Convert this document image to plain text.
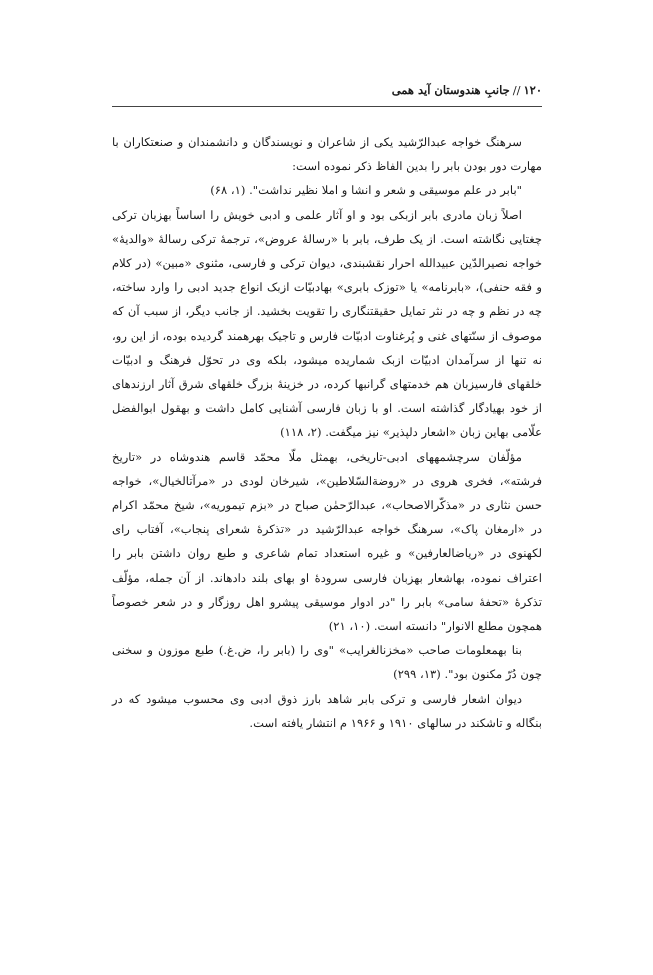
۱۲۰//جانبِ هندوستان آید همی

سرهنگ خواجه عبدالرّشید یکی از شاعران و نویسندگان و دانشمندان و صنعتکاران با مهارت دور بودن بابر را بدین الفاظ ذکر نموده است:

"بابر در علم موسیقی و شعر و انشا و املا نظیر نداشت". (۱، ۶۸)

اصلاً زبان مادری بابر ازبکی بود و او آثار علمی و ادبی خویش را اساساً بهزبان ترکی چغتایی نگاشته است. از یک طرف، بابر با «رسالۀ عروض»، ترجمۀ ترکی رسالۀ «والدیۀ» خواجه نصیرالدّین عبیدالله احرار نقشبندی، دیوان ترکی و فارسی، مثنوی «مبین» (در کلام و فقه حنفی)، «بابرنامه» یا «توزک بابری» بهادبیّات ازبک انواع جدید ادبی را وارد ساخته، چه در نظم و چه در نثر تمایل حقیقتنگاری را تقویت بخشید. از جانب دیگر، از سبب آن که موصوف از سنّتهای غنی و پُرغناوت ادبیّات فارس و تاجیک بهرهمند گردیده بوده، از این رو، نه تنها از سرآمدان ادبیّات ازبک شماریده میشود، بلکه وی در تحوّل فرهنگ و ادبیّات خلقهای فارسیزبان هم خدمتهای گرانبها کرده، در خزینۀ بزرگ خلقهای شرق آثار ارزندهای از خود بهیادگار گذاشته است. او با زبان فارسی آشنایی کامل داشت و بهقول ابوالفضل علّامی بهاین زبان «اشعار دلپذیر» نیز میگفت. (۲، ۱۱۸)

مؤلّفان سرچشمههای ادبی-تاریخی، بهمثل ملّا محمّد قاسم هندوشاه در «تاریخ فرشته»، فخری هروی در «روضةالسّلاطین»، شیرخان لودی در «مرآتالخیال»، خواجه حسن نثاری در «مذکّرالاصحاب»، عبدالرّحمٰن صباح در «بزم تیموریه»، شیخ محمّد اکرام در «ارمغان پاک»، سرهنگ خواجه عبدالرّشید در «تذکرۀ شعرای پنجاب»، آفتاب رای لکهنوی در «ریاضالعارفین» و غیره استعداد تمام شاعری و طبع روان داشتن بابر را اعتراف نموده، بهاشعار بهزبان فارسی سرودۀ او بهای بلند دادهاند. از آن جمله، مؤلّف تذکرۀ «تحفۀ سامی» بابر را "در ادوار موسیقی پیشرو اهل روزگار و در شعر خصوصاً همچون مطلع الانوار" دانسته است. (۱۰، ۲۱)

بنا بهمعلومات صاحب «مخزنالغرایب» "وی را (بابر را، ض.غ.) طبع موزون و سخنی چون دُرّ مکنون بود". (۱۳، ۲۹۹)

دیوان اشعار فارسی و ترکی بابر شاهد بارز ذوق ادبی وی محسوب میشود که در بنگاله و تاشکند در سالهای ۱۹۱۰ و ۱۹۶۶ م انتشار یافته است.
